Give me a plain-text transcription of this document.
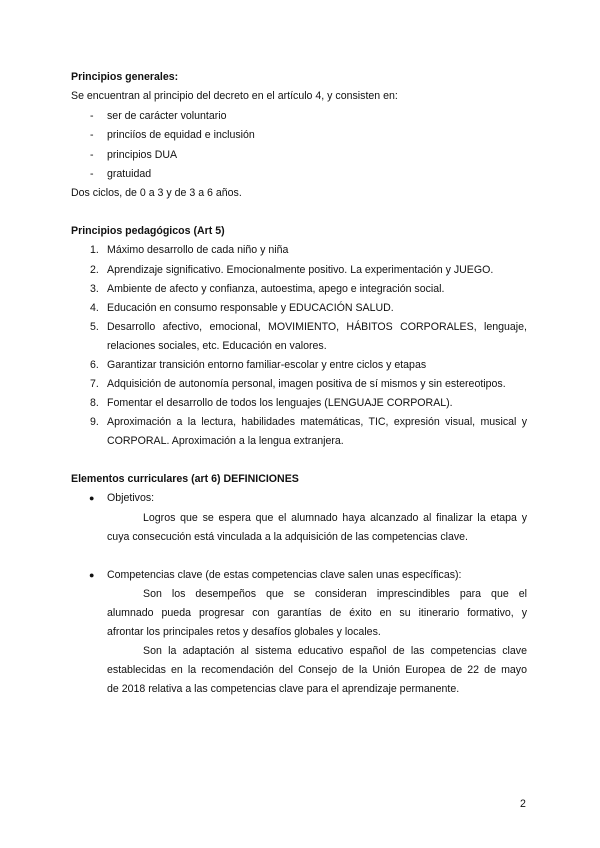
Principios generales:
Se encuentran al principio del decreto en el artículo 4, y consisten en:
- ser de carácter voluntario
- princiíos de equidad e inclusión
- principios DUA
- gratuidad
Dos ciclos, de 0 a 3 y de 3 a 6 años.
Principios pedagógicos (Art 5)
1. Máximo desarrollo de cada niño y niña
2. Aprendizaje significativo. Emocionalmente positivo. La experimentación y JUEGO.
3. Ambiente de afecto y confianza, autoestima, apego e integración social.
4. Educación en consumo responsable y EDUCACIÓN SALUD.
5. Desarrollo afectivo, emocional, MOVIMIENTO, HÁBITOS CORPORALES, lenguaje,
relaciones sociales, etc. Educación en valores.
6. Garantizar transición entorno familiar-escolar y entre ciclos y etapas
7. Adquisición de autonomía personal, imagen positiva de sí mismos y sin estereotipos.
8. Fomentar el desarrollo de todos los lenguajes (LENGUAJE CORPORAL).
9. Aproximación a la lectura, habilidades matemáticas, TIC, expresión visual, musical y
CORPORAL. Aproximación a la lengua extranjera.
Elementos curriculares (art 6) DEFINICIONES
● Objetivos:
Logros que se espera que el alumnado haya alcanzado al finalizar la etapa y
cuya consecución está vinculada a la adquisición de las competencias clave.
● Competencias clave (de estas competencias clave salen unas específicas):
Son los desempeños que se consideran imprescindibles para que el
alumnado pueda progresar con garantías de éxito en su itinerario formativo, y
afrontar los principales retos y desafíos globales y locales.
Son la adaptación al sistema educativo español de las competencias clave
establecidas en la recomendación del Consejo de la Unión Europea de 22 de mayo
de 2018 relativa a las competencias clave para el aprendizaje permanente.
2
